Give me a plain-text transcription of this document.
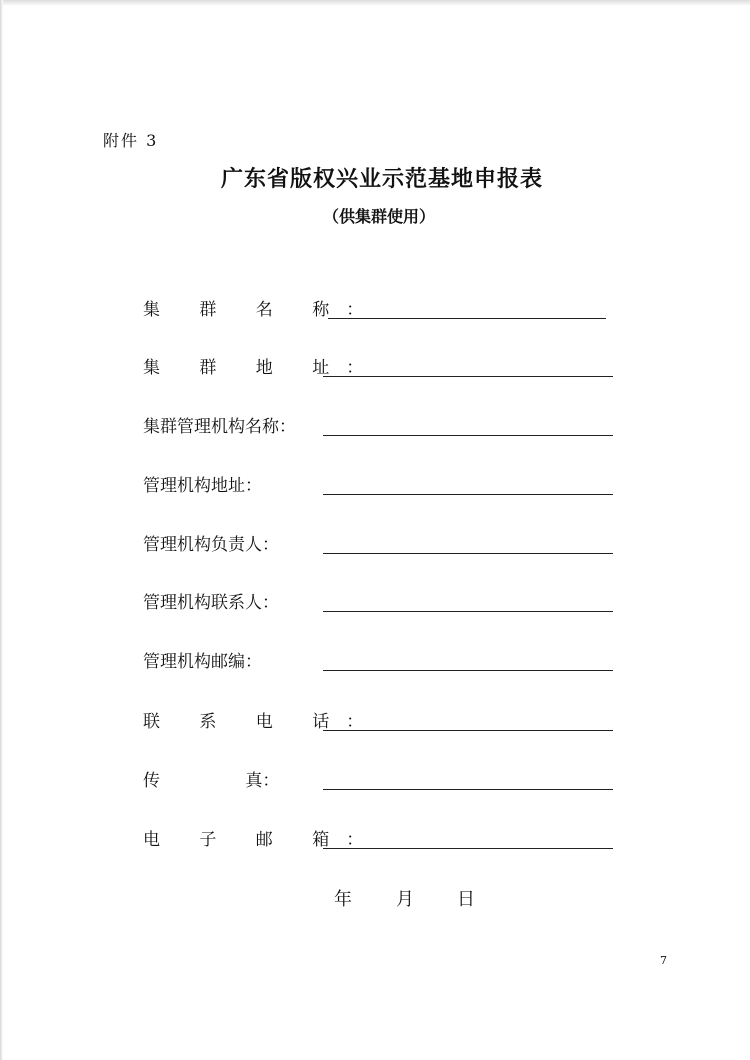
附件 3
广东省版权兴业示范基地申报表
（供集群使用）
集 群 名 称：
集 群 地 址：
集群管理机构名称：
管理机构地址：
管理机构负责人：
管理机构联系人：
管理机构邮编：
联 系 电 话：
传 真：
电 子 邮 箱：
年 月 日
7
